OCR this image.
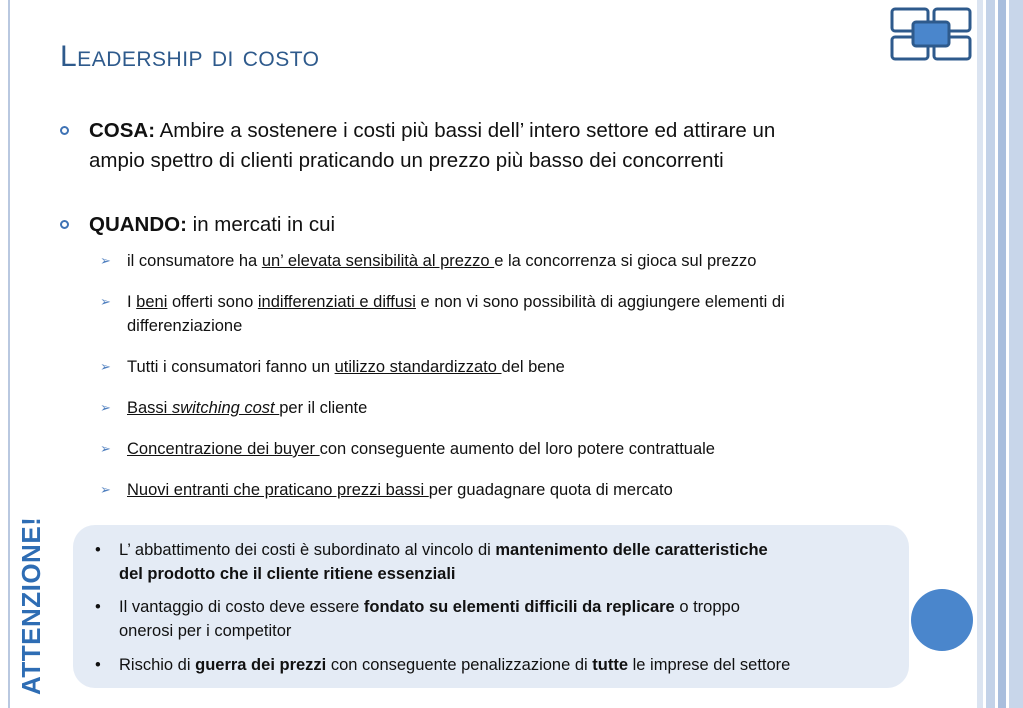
Leadership di costo
COSA: Ambire a sostenere i costi più bassi dell’ intero settore ed attirare un
ampio spettro di clienti praticando un prezzo più basso dei concorrenti
QUANDO: in mercati in cui
➢ il consumatore ha un’ elevata sensibilità al prezzo e la concorrenza si gioca sul prezzo
➢ I beni offerti sono indifferenziati e diffusi e non vi sono possibilità di aggiungere elementi di
differenziazione
➢ Tutti i consumatori fanno un utilizzo standardizzato del bene
➢ Bassi switching cost per il cliente
➢ Concentrazione dei buyer con conseguente aumento del loro potere contrattuale
➢ Nuovi entranti che praticano prezzi bassi per guadagnare quota di mercato
ATTENZIONE!	• L’ abbattimento dei costi è subordinato al vincolo di mantenimento delle caratteristiche
del prodotto che il cliente ritiene essenziali
• Il vantaggio di costo deve essere fondato su elementi difficili da replicare o troppo
onerosi per i competitor
• Rischio di guerra dei prezzi con conseguente penalizzazione di tutte le imprese del settore
